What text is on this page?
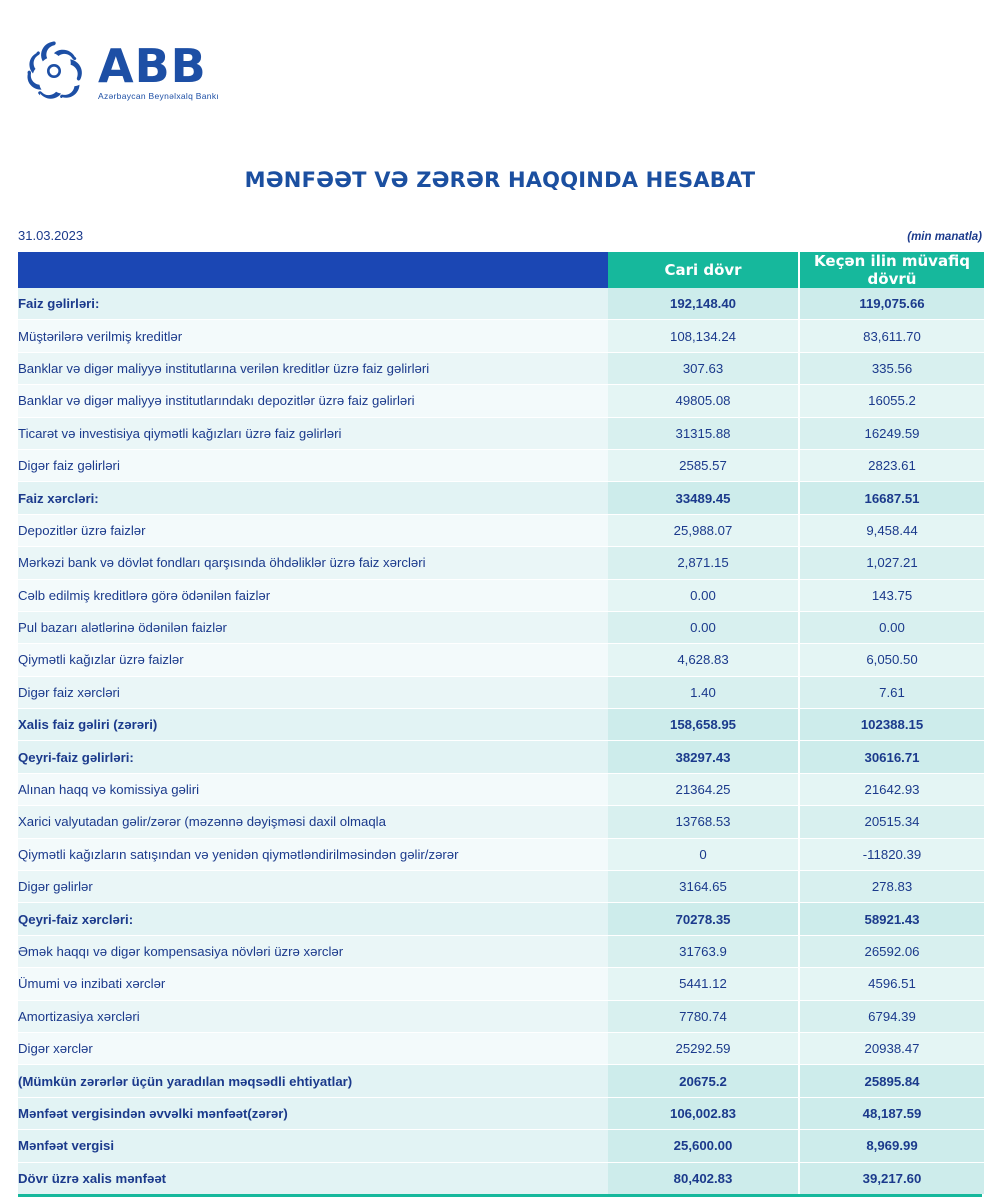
ABB
Azərbaycan Beynəlxalq Bankı
MƏNFƏƏT VƏ ZƏRƏR HAQQINDA HESABAT
31.03.2023	(min manatla)
	Cari dövr	Keçən ilin müvafiq dövrü
Faiz gəlirləri:	192,148.40	119,075.66
Müştərilərə verilmiş kreditlər	108,134.24	83,611.70
Banklar və digər maliyyə institutlarına verilən kreditlər üzrə faiz gəlirləri	307.63	335.56
Banklar və digər maliyyə institutlarındakı depozitlər üzrə faiz gəlirləri	49805.08	16055.2
Ticarət və investisiya qiymətli kağızları üzrə faiz gəlirləri	31315.88	16249.59
Digər faiz gəlirləri	2585.57	2823.61
Faiz xərcləri:	33489.45	16687.51
Depozitlər üzrə faizlər	25,988.07	9,458.44
Mərkəzi bank və dövlət fondları qarşısında öhdəliklər üzrə faiz xərcləri	2,871.15	1,027.21
Cəlb edilmiş kreditlərə görə ödənilən faizlər	0.00	143.75
Pul bazarı alətlərinə ödənilən faizlər	0.00	0.00
Qiymətli kağızlar üzrə faizlər	4,628.83	6,050.50
Digər faiz xərcləri	1.40	7.61
Xalis faiz gəliri (zərəri)	158,658.95	102388.15
Qeyri-faiz gəlirləri:	38297.43	30616.71
Alınan haqq və komissiya gəliri	21364.25	21642.93
Xarici valyutadan gəlir/zərər (məzənnə dəyişməsi daxil olmaqla	13768.53	20515.34
Qiymətli kağızların satışından və yenidən qiymətləndirilməsindən gəlir/zərər	0	-11820.39
Digər gəlirlər	3164.65	278.83
Qeyri-faiz xərcləri:	70278.35	58921.43
Əmək haqqı və digər kompensasiya növləri üzrə xərclər	31763.9	26592.06
Ümumi və inzibati xərclər	5441.12	4596.51
Amortizasiya xərcləri	7780.74	6794.39
Digər xərclər	25292.59	20938.47
(Mümkün zərərlər üçün yaradılan məqsədli ehtiyatlar)	20675.2	25895.84
Mənfəət vergisindən əvvəlki mənfəət(zərər)	106,002.83	48,187.59
Mənfəət vergisi	25,600.00	8,969.99
Dövr üzrə xalis mənfəət	80,402.83	39,217.60
